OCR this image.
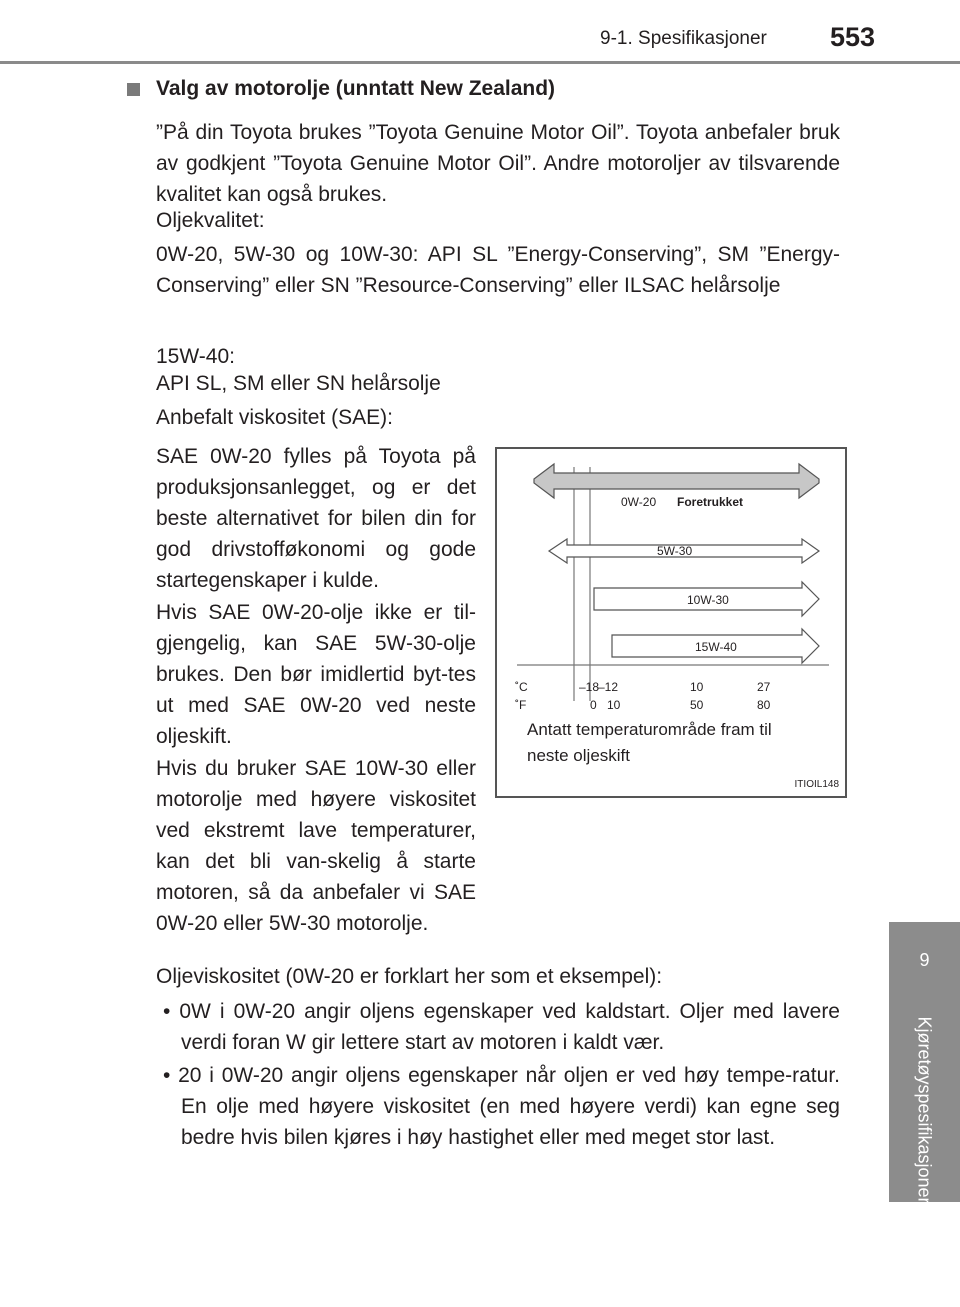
9-1. Spesifikasjoner 553
9
Kjøretøyspesifikasjoner
Valg av motorolje (unntatt New Zealand)
”På din Toyota brukes ”Toyota Genuine Motor Oil”. Toyota anbefaler bruk av godkjent ”Toyota Genuine Motor Oil”. Andre motoroljer av tilsvarende kvalitet kan også brukes.
Oljekvalitet:
0W-20, 5W-30 og 10W-30: API SL ”Energy-Conserving”, SM ”Energy-Conserving” eller SN ”Resource-Conserving” eller ILSAC helårsolje
15W-40:
API SL, SM eller SN helårsolje
Anbefalt viskositet (SAE):
SAE 0W-20 fylles på Toyota på produksjonsanlegget, og er det beste alternativet for bilen din for god drivstofføkonomi og gode startegenskaper i kulde.
Hvis SAE 0W-20-olje ikke er til-gjengelig, kan SAE 5W-30-olje brukes. Den bør imidlertid byt-tes ut med SAE 0W-20 ved neste oljeskift.
Hvis du bruker SAE 10W-30 eller motorolje med høyere viskositet ved ekstremt lave temperaturer, kan det bli van-skelig å starte motoren, så da anbefaler vi SAE 0W-20 eller 5W-30 motorolje.
Oljeviskositet (0W-20 er forklart her som et eksempel):
• 0W i 0W-20 angir oljens egenskaper ved kaldstart. Oljer med lavere verdi foran W gir lettere start av motoren i kaldt vær.
• 20 i 0W-20 angir oljens egenskaper når oljen er ved høy tempe-ratur. En olje med høyere viskositet (en med høyere verdi) kan egne seg bedre hvis bilen kjøres i høy hastighet eller med meget stor last.
0W-20 Foretrukket
5W-30
10W-30
15W-40
˚C	–18
–12	10	27
˚F	0 10	50	80
Antatt temperaturområde fram til neste oljeskift
ITIOIL148
